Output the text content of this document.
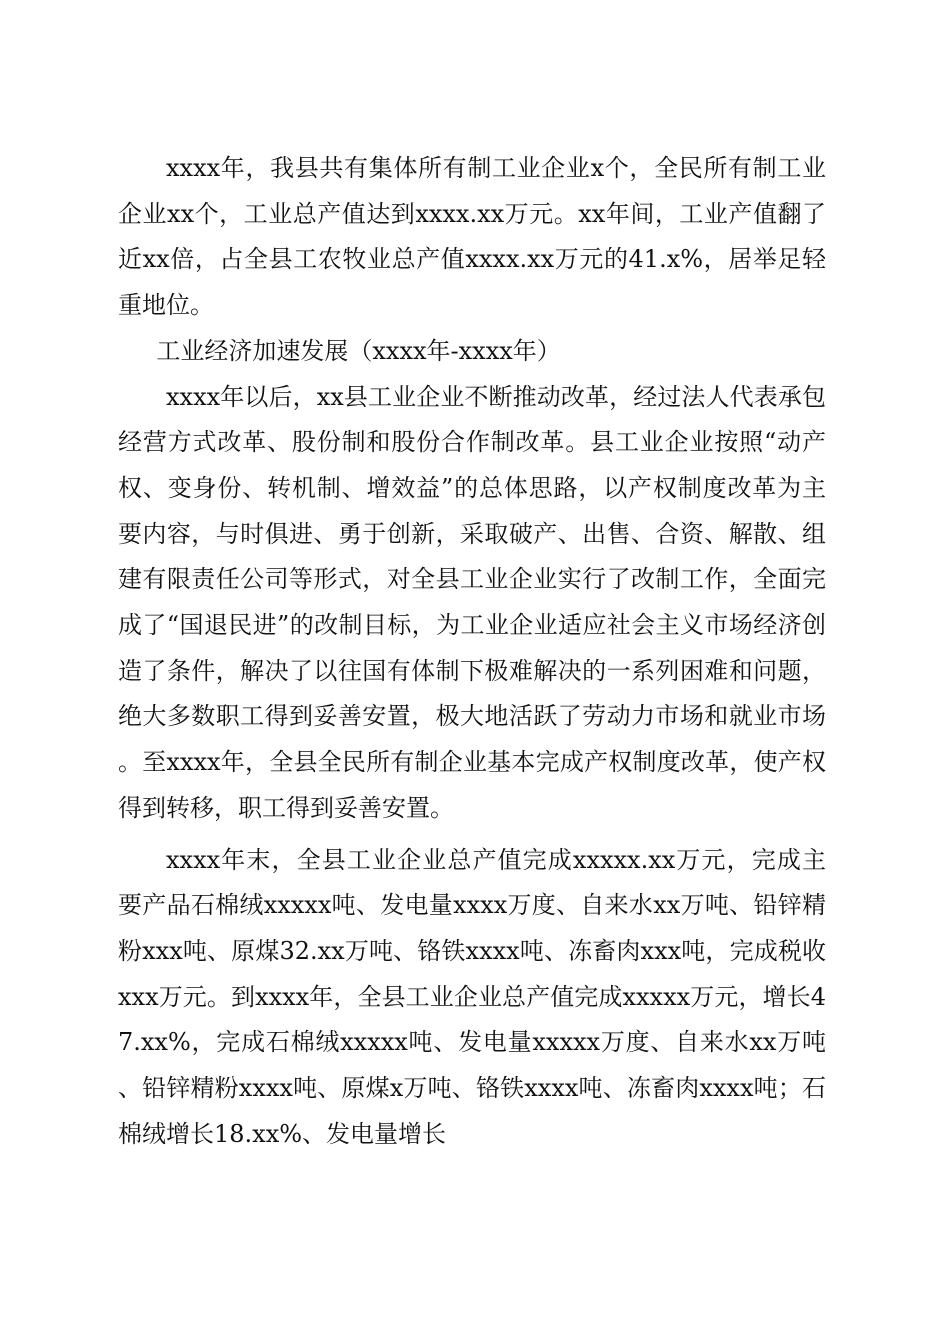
xxxx年，我县共有集体所有制工业企业x个，全民所有制工业企业xx个，工业总产值达到xxxx.xx万元。xx年间，工业产值翻了近xx倍，占全县工农牧业总产值xxxx.xx万元的41.x%，居举足轻重地位。

工业经济加速发展（xxxx年-xxxx年）

xxxx年以后，xx县工业企业不断推动改革，经过法人代表承包经营方式改革、股份制和股份合作制改革。县工业企业按照“动产权、变身份、转机制、增效益”的总体思路，以产权制度改革为主要内容，与时俱进、勇于创新，采取破产、出售、合资、解散、组建有限责任公司等形式，对全县工业企业实行了改制工作，全面完成了“国退民进”的改制目标，为工业企业适应社会主义市场经济创造了条件，解决了以往国有体制下极难解决的一系列困难和问题，绝大多数职工得到妥善安置，极大地活跃了劳动力市场和就业市场。至xxxx年，全县全民所有制企业基本完成产权制度改革，使产权得到转移，职工得到妥善安置。

xxxx年末，全县工业企业总产值完成xxxxx.xx万元，完成主要产品石棉绒xxxxx吨、发电量xxxx万度、自来水xx万吨、铅锌精粉xxx吨、原煤32.xx万吨、铬铁xxxx吨、冻畜肉xxx吨，完成税收xxx万元。到xxxx年，全县工业企业总产值完成xxxxx万元，增长47.xx%，完成石棉绒xxxxx吨、发电量xxxxx万度、自来水xx万吨、铅锌精粉xxxx吨、原煤x万吨、铬铁xxxx吨、冻畜肉xxxx吨；石棉绒增长18.xx%、发电量增长
